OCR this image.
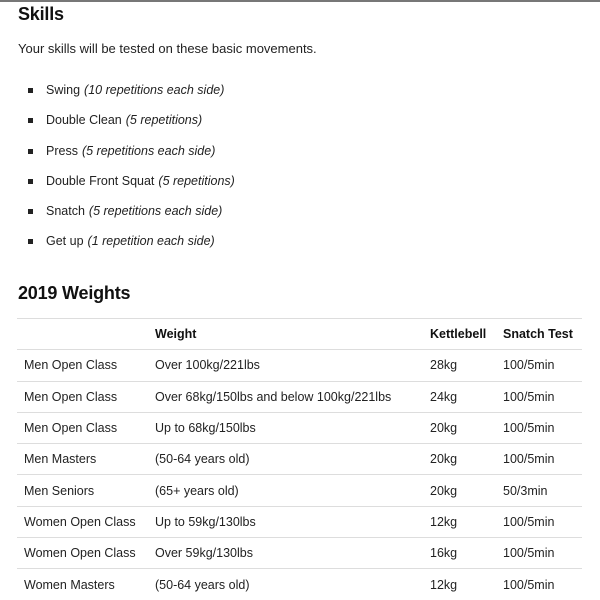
Skills

Your skills will be tested on these basic movements.

Swing (10 repetitions each side)
Double Clean (5 repetitions)
Press (5 repetitions each side)
Double Front Squat (5 repetitions)
Snatch (5 repetitions each side)
Get up (1 repetition each side)
2019 Weights
	Weight	Kettlebell	Snatch Test
Men Open Class	Over 100kg/221lbs	28kg	100/5min
Men Open Class	Over 68kg/150lbs and below 100kg/221lbs	24kg	100/5min
Men Open Class	Up to 68kg/150lbs	20kg	100/5min
Men Masters	(50-64 years old)	20kg	100/5min
Men Seniors	(65+ years old)	20kg	50/3min
Women Open Class	Up to 59kg/130lbs	12kg	100/5min
Women Open Class	Over 59kg/130lbs	16kg	100/5min
Women Masters	(50-64 years old)	12kg	100/5min
